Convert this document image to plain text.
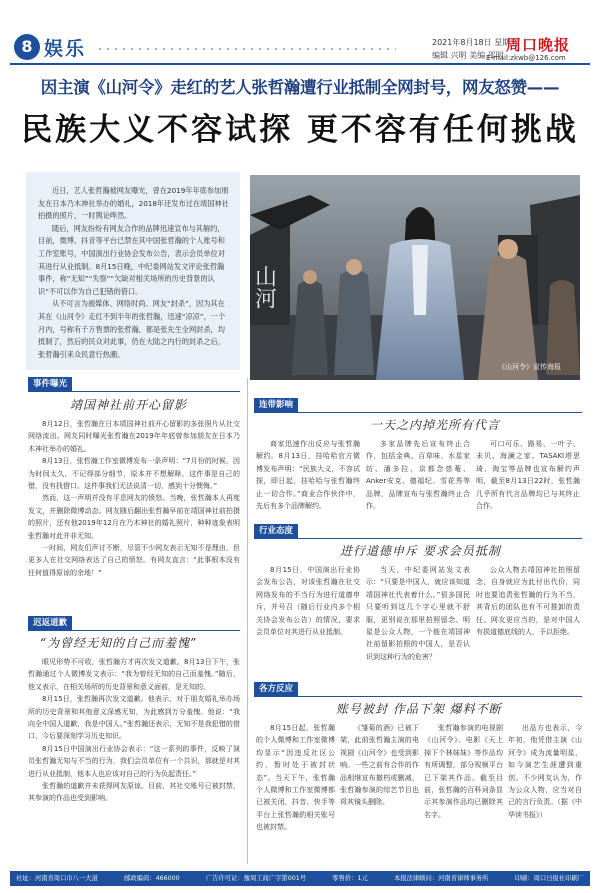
8 娱乐	2021年8月18日 星期三
编辑 兴明 美编 邵明
周口晚报
E-mail:zkwb@126.com
因主演《山河令》走红的艺人张哲瀚遭行业抵制全网封号，网友怒赞——
民族大义不容试探 更不容有任何挑战

近日，艺人张哲瀚被网友曝光，曾在2019年年底参加朋友在日本乃木神社举办的婚礼，2018年还发布过在靖国神社拍摄的照片，一时舆论哗然。

随后，网友纷纷有网友合作的品牌迅速宣布与其解约，目前，微博、抖音等平台已禁在其中国张哲瀚的个人账号和工作室账号，中国演出行业协会发布公告，表示会员单位对其进行从业抵制。8月15日晚，中纪委网站发文评论张哲瀚事件，称“无知”“失察”“欠缺对相关场所的历史背景的认识”不可以作为自己犯错的借口。

从不可言为被媒体、网络时尚、网友“封杀”，因为其在其在《山河令》走红不到半年的张哲瀚，迅速“凉凉”，一个月内，号称有千万售票的张哲瀚，都是张先生全网封杀，均抵制了，然后的民众对此事，仍在大陆之内行的封杀之后，张哲瀚引来众民意行热潮。

山河
《山河令》宣传海报
事件曝光
靖国神社前开心留影

8月12日，张哲瀚在日本靖国神社前开心留影的多张照片从社交网络流出。网友同时曝光张哲瀚在2019年年底曾参加朋友在日本乃木神社举办的婚礼。

8月13日，张哲瀚工作室微博发布一条声明：“7月份的时候，因为时间太久，不记得部分细节，原本并不想解释，这件事是自己的错，没有找借口。这件事我们无法说清一切，感到十分懊悔。”

然而，这一声明并没有平息网友的愤怒。当晚，张哲瀚本人再度发文，并删除微博动态。网友随后翻出张哲瀚早前在靖国神社前拍摄的照片，还有他2019年12月在乃木神社的婚礼照片，种种迹象表明张哲瀚对此并非无知。

一时间，网友们声讨不断，尽管不少网友表示无知不是理由，但更多人在社交网络表达了自己的愤怒。有网友直言：“此事根本没有任何值得原谅的余地！”

迟返道歉
“为曾经无知的自己而羞愧”

眼见形势不可收，张哲瀚方才再次发文道歉。8月13日下午，张哲瀚通过个人微博发文表示：“我为曾经无知的自己而羞愧。”随后，他又表示，在相关场所的历史背景和意义面前，是无知的。

8月15日，张哲瀚再次发文道歉。他表示，对于朋友婚礼举办场所的历史背景和其他意义深感无知，为此感到万分羞愧。他说：“我向全中国人道歉，我是中国人。”张哲瀚还表示，无知不是我犯错的借口，今后要深刻学习历史知识。

8月15日中国演出行业协会表示：“这一系列的事件，反映了演员张哲瀚无知与不当的行为，我们会员单位有一个共识，那就是对其进行从业抵制，他本人也应该对自己的行为负起责任。”

张哲瀚的道歉并未获得网友原谅。目前，其社交账号已被封禁，其参演的作品也受到影响。

连带影响
一天之内掉光所有代言

商家迅速作出反应与张哲瀚解约。8月13日，挂哈哈官方微博发布声明：“民族大义，不容试探，即日起，挂哈哈与张哲瀚终止一切合作。”商业合作伙伴中，先后有多个品牌解约。

多家品牌先后宣布终止合作，包括金典、百草味、水星家纺、潘多拉、京都念慈菴、Anker安克、德福纪、雪花秀等品牌，品牌宣布与张哲瀚终止合作。

可口可乐、路易、一叶子、未贝、海澜之家、TASAKI塔思琦、淘宝等品牌也宣布解约声明，截至8月13日22时，张哲瀚几乎所有代言品牌均已与其终止合作。

行业态度
进行道德申斥 要求会员抵制

8月15日，中国演出行业协会发布公告，对该张哲瀚在社交网络发布的不当行为进行道德申斥，并号召（随后行业内多个相关协会发布公告）的情况，要求会员单位对其进行从业抵制。

当天，中纪委网站发文表示：“只要是中国人，就应该知道靖国神社代表着什么。”很多国民只要听到这几个字心里就不舒服，更别说在那里拍照留念。明星是公众人物，一个能在靖国神社前留影拍照的中国人，是否认识到这种行为的危害？

公众人物去靖国神社拍照留念，自身就应为此付出代价，同时也要追责张哲瀚的行为不当，其背后的团队也有不可推卸的责任。网友更应当的，是对中国人有损道德底线的人，予以拒绝。

各方反应
账号被封 作品下架 爆料不断

8月15日起，张哲瀚的个人微博和工作室微博均显示“因违反社区公约，暂时处于被封状态”。当天下午，张哲瀚个人微博和工作室微博都已被关闭，抖音、快手等平台上张哲瀚的相关账号也被封禁。

《雏菊的酒》已被下架，此前张哲瀚主演的电视剧《山河令》也受到影响。一些之前有合作的作品相继宣布撤档或删减，张哲瀚参演的综艺节目也将其镜头删除。

张哲瀚参演的电视剧《山河令》、电影《天上掉下个林妹妹》等作品均有所调整，部分视频平台已下架其作品。截至目前，张哲瀚的百科词条显示其参演作品均已删除其名字。

出品方也表示，今年初，他凭借主演《山河令》成为流量明星，如今演艺生涯遭到重创。不少网友认为，作为公众人物，应当对自己的言行负责。（据《中华读书报》）

社址：河南省周口市八一大道	邮政编码：466000	广告许可证：豫周工商广字第001号	零售价：1元	本报法律顾问：河南省律师事务所	印刷：周口日报社印刷厂
